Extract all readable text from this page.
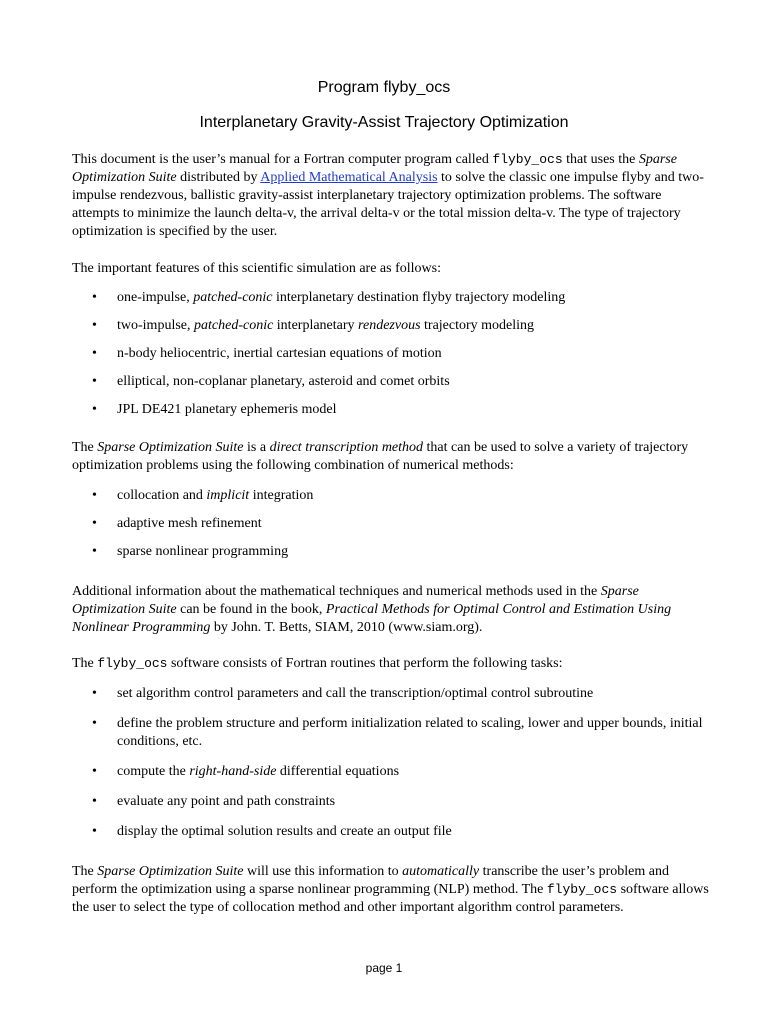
Program flyby_ocs
Interplanetary Gravity-Assist Trajectory Optimization

This document is the user’s manual for a Fortran computer program called flyby_ocs that uses the Sparse Optimization Suite distributed by Applied Mathematical Analysis to solve the classic one impulse flyby and two-impulse rendezvous, ballistic gravity-assist interplanetary trajectory optimization problems. The software attempts to minimize the launch delta-v, the arrival delta-v or the total mission delta-v. The type of trajectory optimization is specified by the user.

The important features of this scientific simulation are as follows:

• one-impulse, patched-conic interplanetary destination flyby trajectory modeling
• two-impulse, patched-conic interplanetary rendezvous trajectory modeling
• n-body heliocentric, inertial cartesian equations of motion
• elliptical, non-coplanar planetary, asteroid and comet orbits
• JPL DE421 planetary ephemeris model

The Sparse Optimization Suite is a direct transcription method that can be used to solve a variety of trajectory optimization problems using the following combination of numerical methods:

• collocation and implicit integration
• adaptive mesh refinement
• sparse nonlinear programming

Additional information about the mathematical techniques and numerical methods used in the Sparse Optimization Suite can be found in the book, Practical Methods for Optimal Control and Estimation Using Nonlinear Programming by John. T. Betts, SIAM, 2010 (www.siam.org).

The flyby_ocs software consists of Fortran routines that perform the following tasks:

• set algorithm control parameters and call the transcription/optimal control subroutine
• define the problem structure and perform initialization related to scaling, lower and upper bounds, initial conditions, etc.
• compute the right-hand-side differential equations
• evaluate any point and path constraints
• display the optimal solution results and create an output file

The Sparse Optimization Suite will use this information to automatically transcribe the user’s problem and perform the optimization using a sparse nonlinear programming (NLP) method. The flyby_ocs software allows the user to select the type of collocation method and other important algorithm control parameters.

page 1
